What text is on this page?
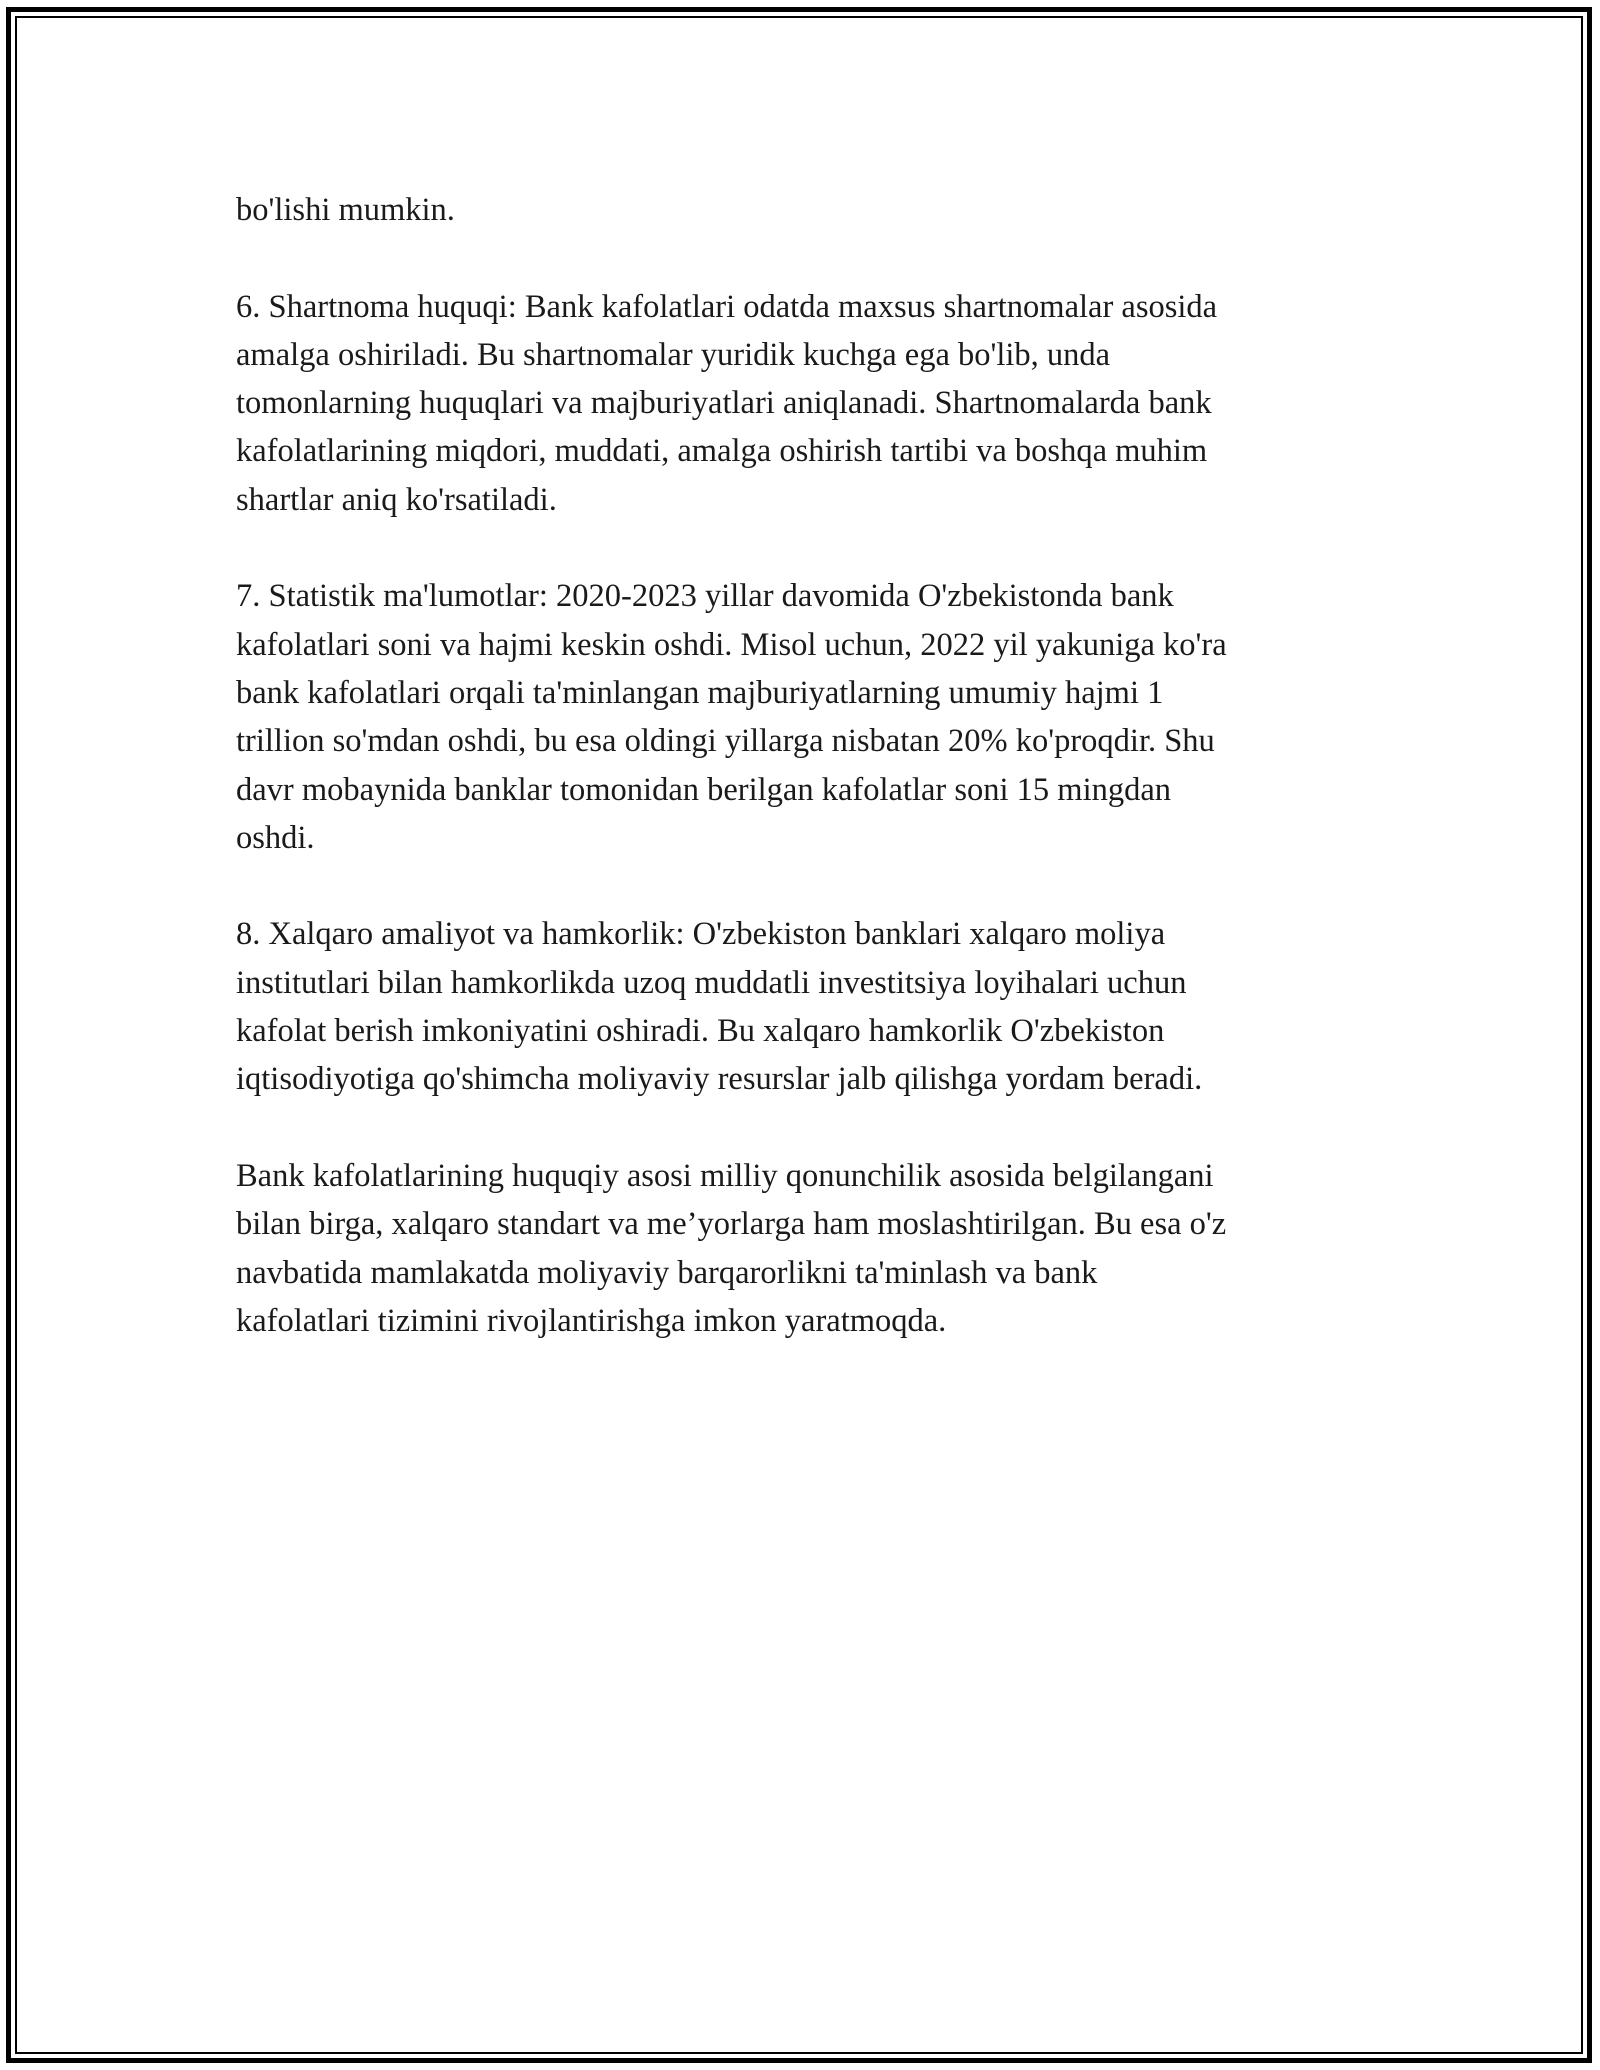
bo'lishi mumkin.

6. Shartnoma huquqi: Bank kafolatlari odatda maxsus shartnomalar asosida
amalga oshiriladi. Bu shartnomalar yuridik kuchga ega bo'lib, unda
tomonlarning huquqlari va majburiyatlari aniqlanadi. Shartnomalarda bank
kafolatlarining miqdori, muddati, amalga oshirish tartibi va boshqa muhim
shartlar aniq ko'rsatiladi.

7. Statistik ma'lumotlar: 2020-2023 yillar davomida O'zbekistonda bank
kafolatlari soni va hajmi keskin oshdi. Misol uchun, 2022 yil yakuniga ko'ra
bank kafolatlari orqali ta'minlangan majburiyatlarning umumiy hajmi 1
trillion so'mdan oshdi, bu esa oldingi yillarga nisbatan 20% ko'proqdir. Shu
davr mobaynida banklar tomonidan berilgan kafolatlar soni 15 mingdan
oshdi.

8. Xalqaro amaliyot va hamkorlik: O'zbekiston banklari xalqaro moliya
institutlari bilan hamkorlikda uzoq muddatli investitsiya loyihalari uchun
kafolat berish imkoniyatini oshiradi. Bu xalqaro hamkorlik O'zbekiston
iqtisodiyotiga qo'shimcha moliyaviy resurslar jalb qilishga yordam beradi.

Bank kafolatlarining huquqiy asosi milliy qonunchilik asosida belgilangani
bilan birga, xalqaro standart va me’yorlarga ham moslashtirilgan. Bu esa o'z
navbatida mamlakatda moliyaviy barqarorlikni ta'minlash va bank
kafolatlari tizimini rivojlantirishga imkon yaratmoqda.
